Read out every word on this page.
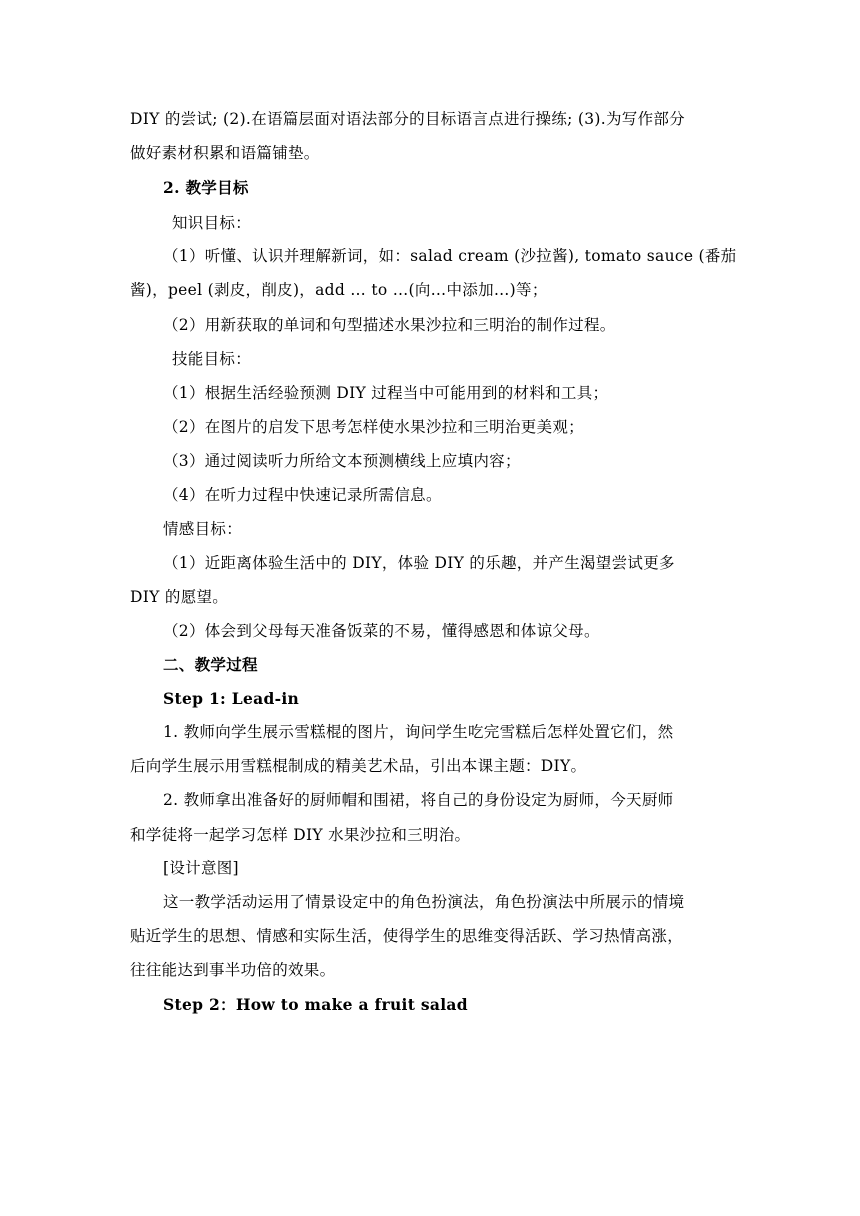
DIY 的尝试; (2).在语篇层面对语法部分的目标语言点进行操练; (3).为写作部分
做好素材积累和语篇铺垫。
2. 教学目标
知识目标：
（1）听懂、认识并理解新词，如：salad cream (沙拉酱), tomato sauce (番茄
酱)，peel (剥皮，削皮)，add … to …(向…中添加…)等；
（2）用新获取的单词和句型描述水果沙拉和三明治的制作过程。
技能目标：
（1）根据生活经验预测 DIY 过程当中可能用到的材料和工具；
（2）在图片的启发下思考怎样使水果沙拉和三明治更美观；
（3）通过阅读听力所给文本预测横线上应填内容；
（4）在听力过程中快速记录所需信息。
情感目标：
（1）近距离体验生活中的 DIY，体验 DIY 的乐趣，并产生渴望尝试更多
DIY 的愿望。
（2）体会到父母每天准备饭菜的不易，懂得感恩和体谅父母。
二、教学过程
Step 1: Lead-in
1. 教师向学生展示雪糕棍的图片，询问学生吃完雪糕后怎样处置它们，然
后向学生展示用雪糕棍制成的精美艺术品，引出本课主题：DIY。
2. 教师拿出准备好的厨师帽和围裙，将自己的身份设定为厨师，今天厨师
和学徒将一起学习怎样 DIY 水果沙拉和三明治。
[设计意图]
这一教学活动运用了情景设定中的角色扮演法，角色扮演法中所展示的情境
贴近学生的思想、情感和实际生活，使得学生的思维变得活跃、学习热情高涨，
往往能达到事半功倍的效果。
Step 2：How to make a fruit salad
